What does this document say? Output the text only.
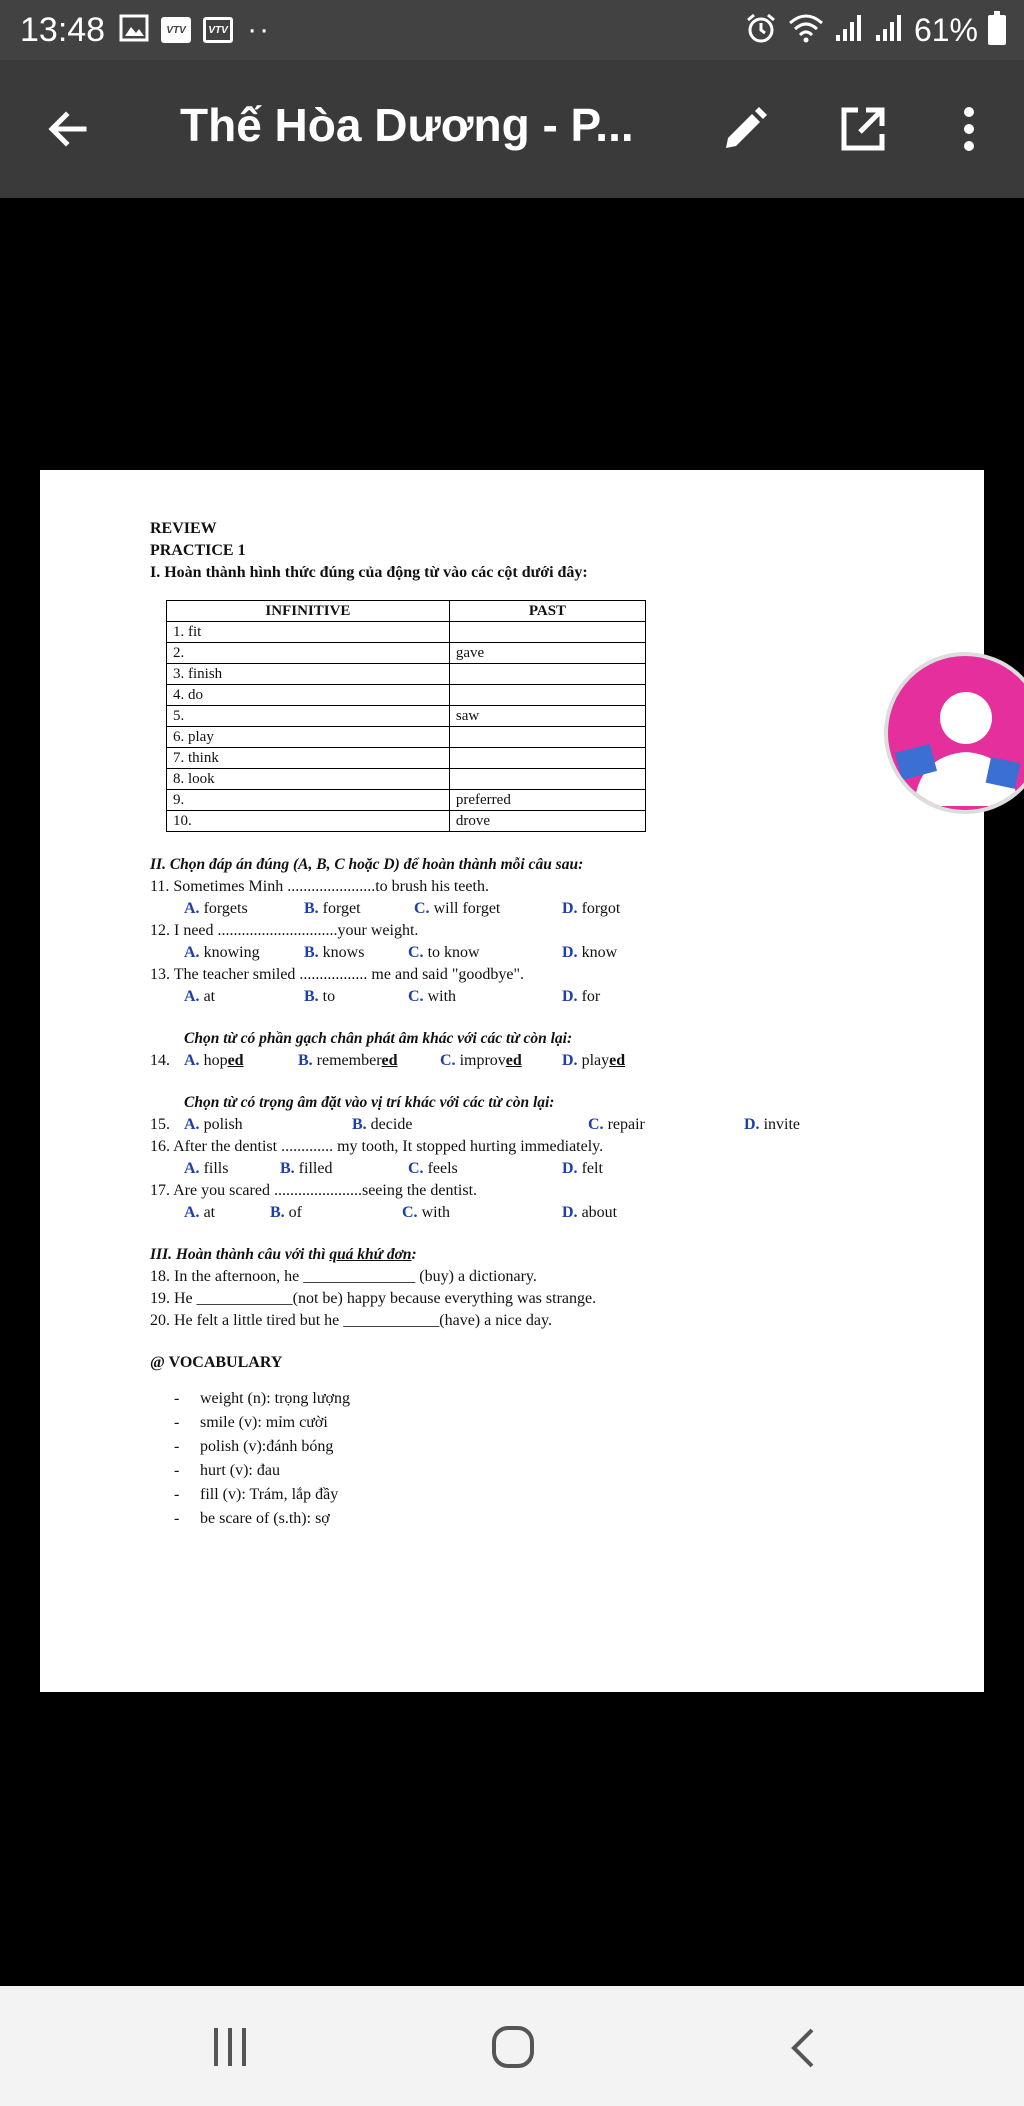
13:48	VTV	VTV ··	61%
Thế Hòa Dương - P...
REVIEW
PRACTICE 1
I. Hoàn thành hình thức đúng của động từ vào các cột dưới đây:
INFINITIVE	PAST
1. fit	
2.	gave
3. finish	
4. do	
5.	saw
6. play	
7. think	
8. look	
9.	preferred
10.	drove
II. Chọn đáp án đúng (A, B, C hoặc D) để hoàn thành mỗi câu sau:
11. Sometimes Minh ......................to brush his teeth.
A. forgets	B. forget	C. will forget	D. forgot
12. I need ..............................your weight.
A. knowing	B. knows	C. to know	D. know
13. The teacher smiled ................. me and said "goodbye".
A. at	B. to	C. with	D. for
Chọn từ có phần gạch chân phát âm khác với các từ còn lại:
14. A. hoped	B. remembered	C. improved	D. played
Chọn từ có trọng âm đặt vào vị trí khác với các từ còn lại:
15. A. polish	B. decide	C. repair	D. invite
16. After the dentist ............. my tooth, It stopped hurting immediately.
A. fills	B. filled	C. feels	D. felt
17. Are you scared ......................seeing the dentist.
A. at	B. of	C. with	D. about
III. Hoàn thành câu với thì quá khứ đơn:
18. In the afternoon, he ______________ (buy) a dictionary.
19. He ____________(not be) happy because everything was strange.
20. He felt a little tired but he ____________(have) a nice day.
@ VOCABULARY
- weight (n): trọng lượng
- smile (v): mỉm cười
- polish (v):đánh bóng
- hurt (v): đau
- fill (v): Trám, lắp đầy
- be scare of (s.th): sợ
